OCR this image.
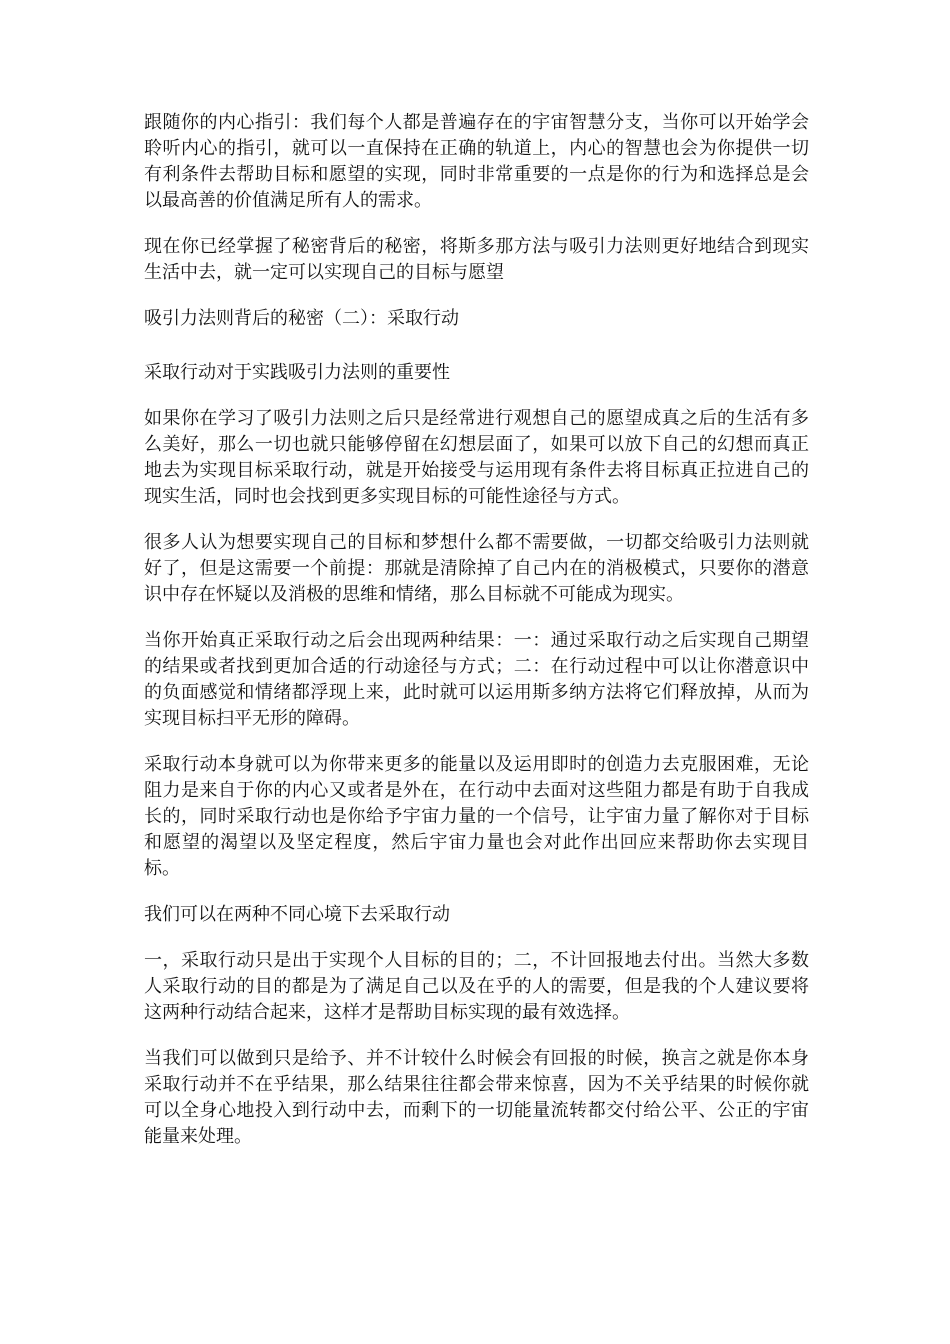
跟随你的内心指引：我们每个人都是普遍存在的宇宙智慧分支，当你可以开始学会聆听内心的指引，就可以一直保持在正确的轨道上，内心的智慧也会为你提供一切有利条件去帮助目标和愿望的实现，同时非常重要的一点是你的行为和选择总是会以最高善的价值满足所有人的需求。

现在你已经掌握了秘密背后的秘密，将斯多那方法与吸引力法则更好地结合到现实生活中去，就一定可以实现自己的目标与愿望

吸引力法则背后的秘密（二）：采取行动

采取行动对于实践吸引力法则的重要性

如果你在学习了吸引力法则之后只是经常进行观想自己的愿望成真之后的生活有多么美好，那么一切也就只能够停留在幻想层面了，如果可以放下自己的幻想而真正地去为实现目标采取行动，就是开始接受与运用现有条件去将目标真正拉进自己的现实生活，同时也会找到更多实现目标的可能性途径与方式。

很多人认为想要实现自己的目标和梦想什么都不需要做，一切都交给吸引力法则就好了，但是这需要一个前提：那就是清除掉了自己内在的消极模式，只要你的潜意识中存在怀疑以及消极的思维和情绪，那么目标就不可能成为现实。

当你开始真正采取行动之后会出现两种结果：一：通过采取行动之后实现自己期望的结果或者找到更加合适的行动途径与方式；二：在行动过程中可以让你潜意识中的负面感觉和情绪都浮现上来，此时就可以运用斯多纳方法将它们释放掉，从而为实现目标扫平无形的障碍。

采取行动本身就可以为你带来更多的能量以及运用即时的创造力去克服困难，无论阻力是来自于你的内心又或者是外在，在行动中去面对这些阻力都是有助于自我成长的，同时采取行动也是你给予宇宙力量的一个信号，让宇宙力量了解你对于目标和愿望的渴望以及坚定程度，然后宇宙力量也会对此作出回应来帮助你去实现目标。

我们可以在两种不同心境下去采取行动

一，采取行动只是出于实现个人目标的目的；二，不计回报地去付出。当然大多数人采取行动的目的都是为了满足自己以及在乎的人的需要，但是我的个人建议要将这两种行动结合起来，这样才是帮助目标实现的最有效选择。

当我们可以做到只是给予、并不计较什么时候会有回报的时候，换言之就是你本身采取行动并不在乎结果，那么结果往往都会带来惊喜，因为不关乎结果的时候你就可以全身心地投入到行动中去，而剩下的一切能量流转都交付给公平、公正的宇宙能量来处理。
